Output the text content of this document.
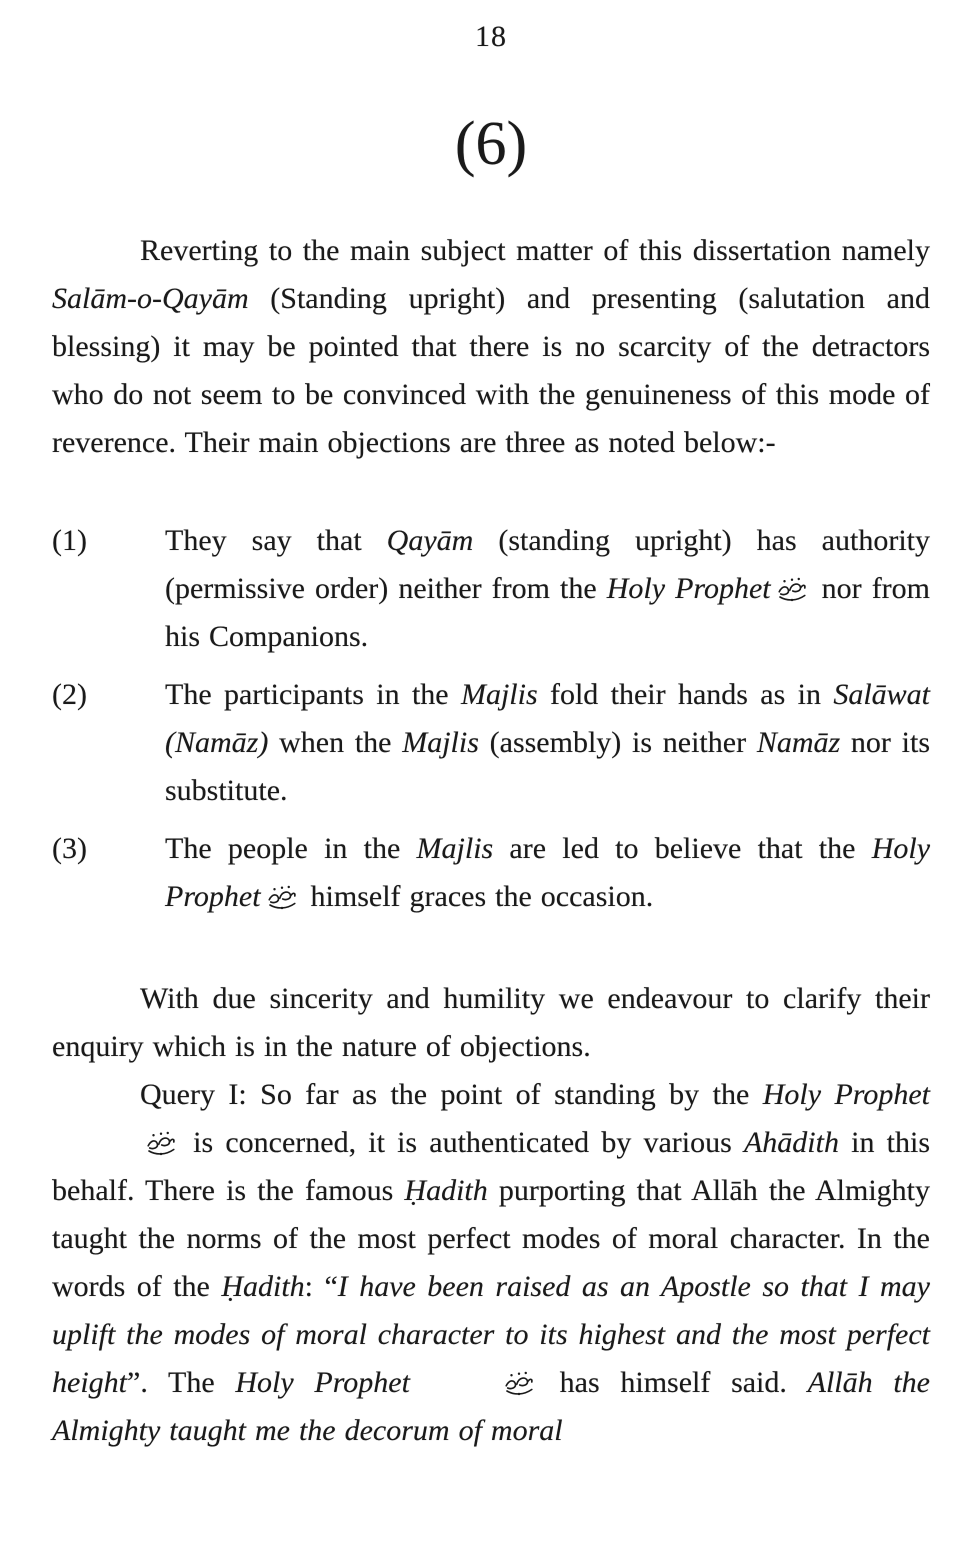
18
(6)

Reverting to the main subject matter of this dissertation namely Salām-o-Qayām (Standing upright) and presenting (salutation and blessing) it may be pointed that there is no scarcity of the detractors who do not seem to be convinced with the genuineness of this mode of reverence. Their main objections are three as noted below:-

(1)	They say that Qayām (standing upright) has authority (permissive order) neither from the Holy Prophet nor from his Companions.
(2)	The participants in the Majlis fold their hands as in Salāwat (Namāz) when the Majlis (assembly) is neither Namāz nor its substitute.
(3)	The people in the Majlis are led to believe that the Holy Prophet himself graces the occasion.

With due sincerity and humility we endeavour to clarify their enquiry which is in the nature of objections.

Query I: So far as the point of standing by the Holy Prophet is concerned, it is authenticated by various Ahādith in this behalf. There is the famous Ḥadith purporting that Allāh the Almighty taught the norms of the most perfect modes of moral character. In the words of the Ḥadith: “I have been raised as an Apostle so that I may uplift the modes of moral character to its highest and the most perfect height”. The Holy Prophet	has himself said. Allāh the Almighty taught me the decorum of moral
